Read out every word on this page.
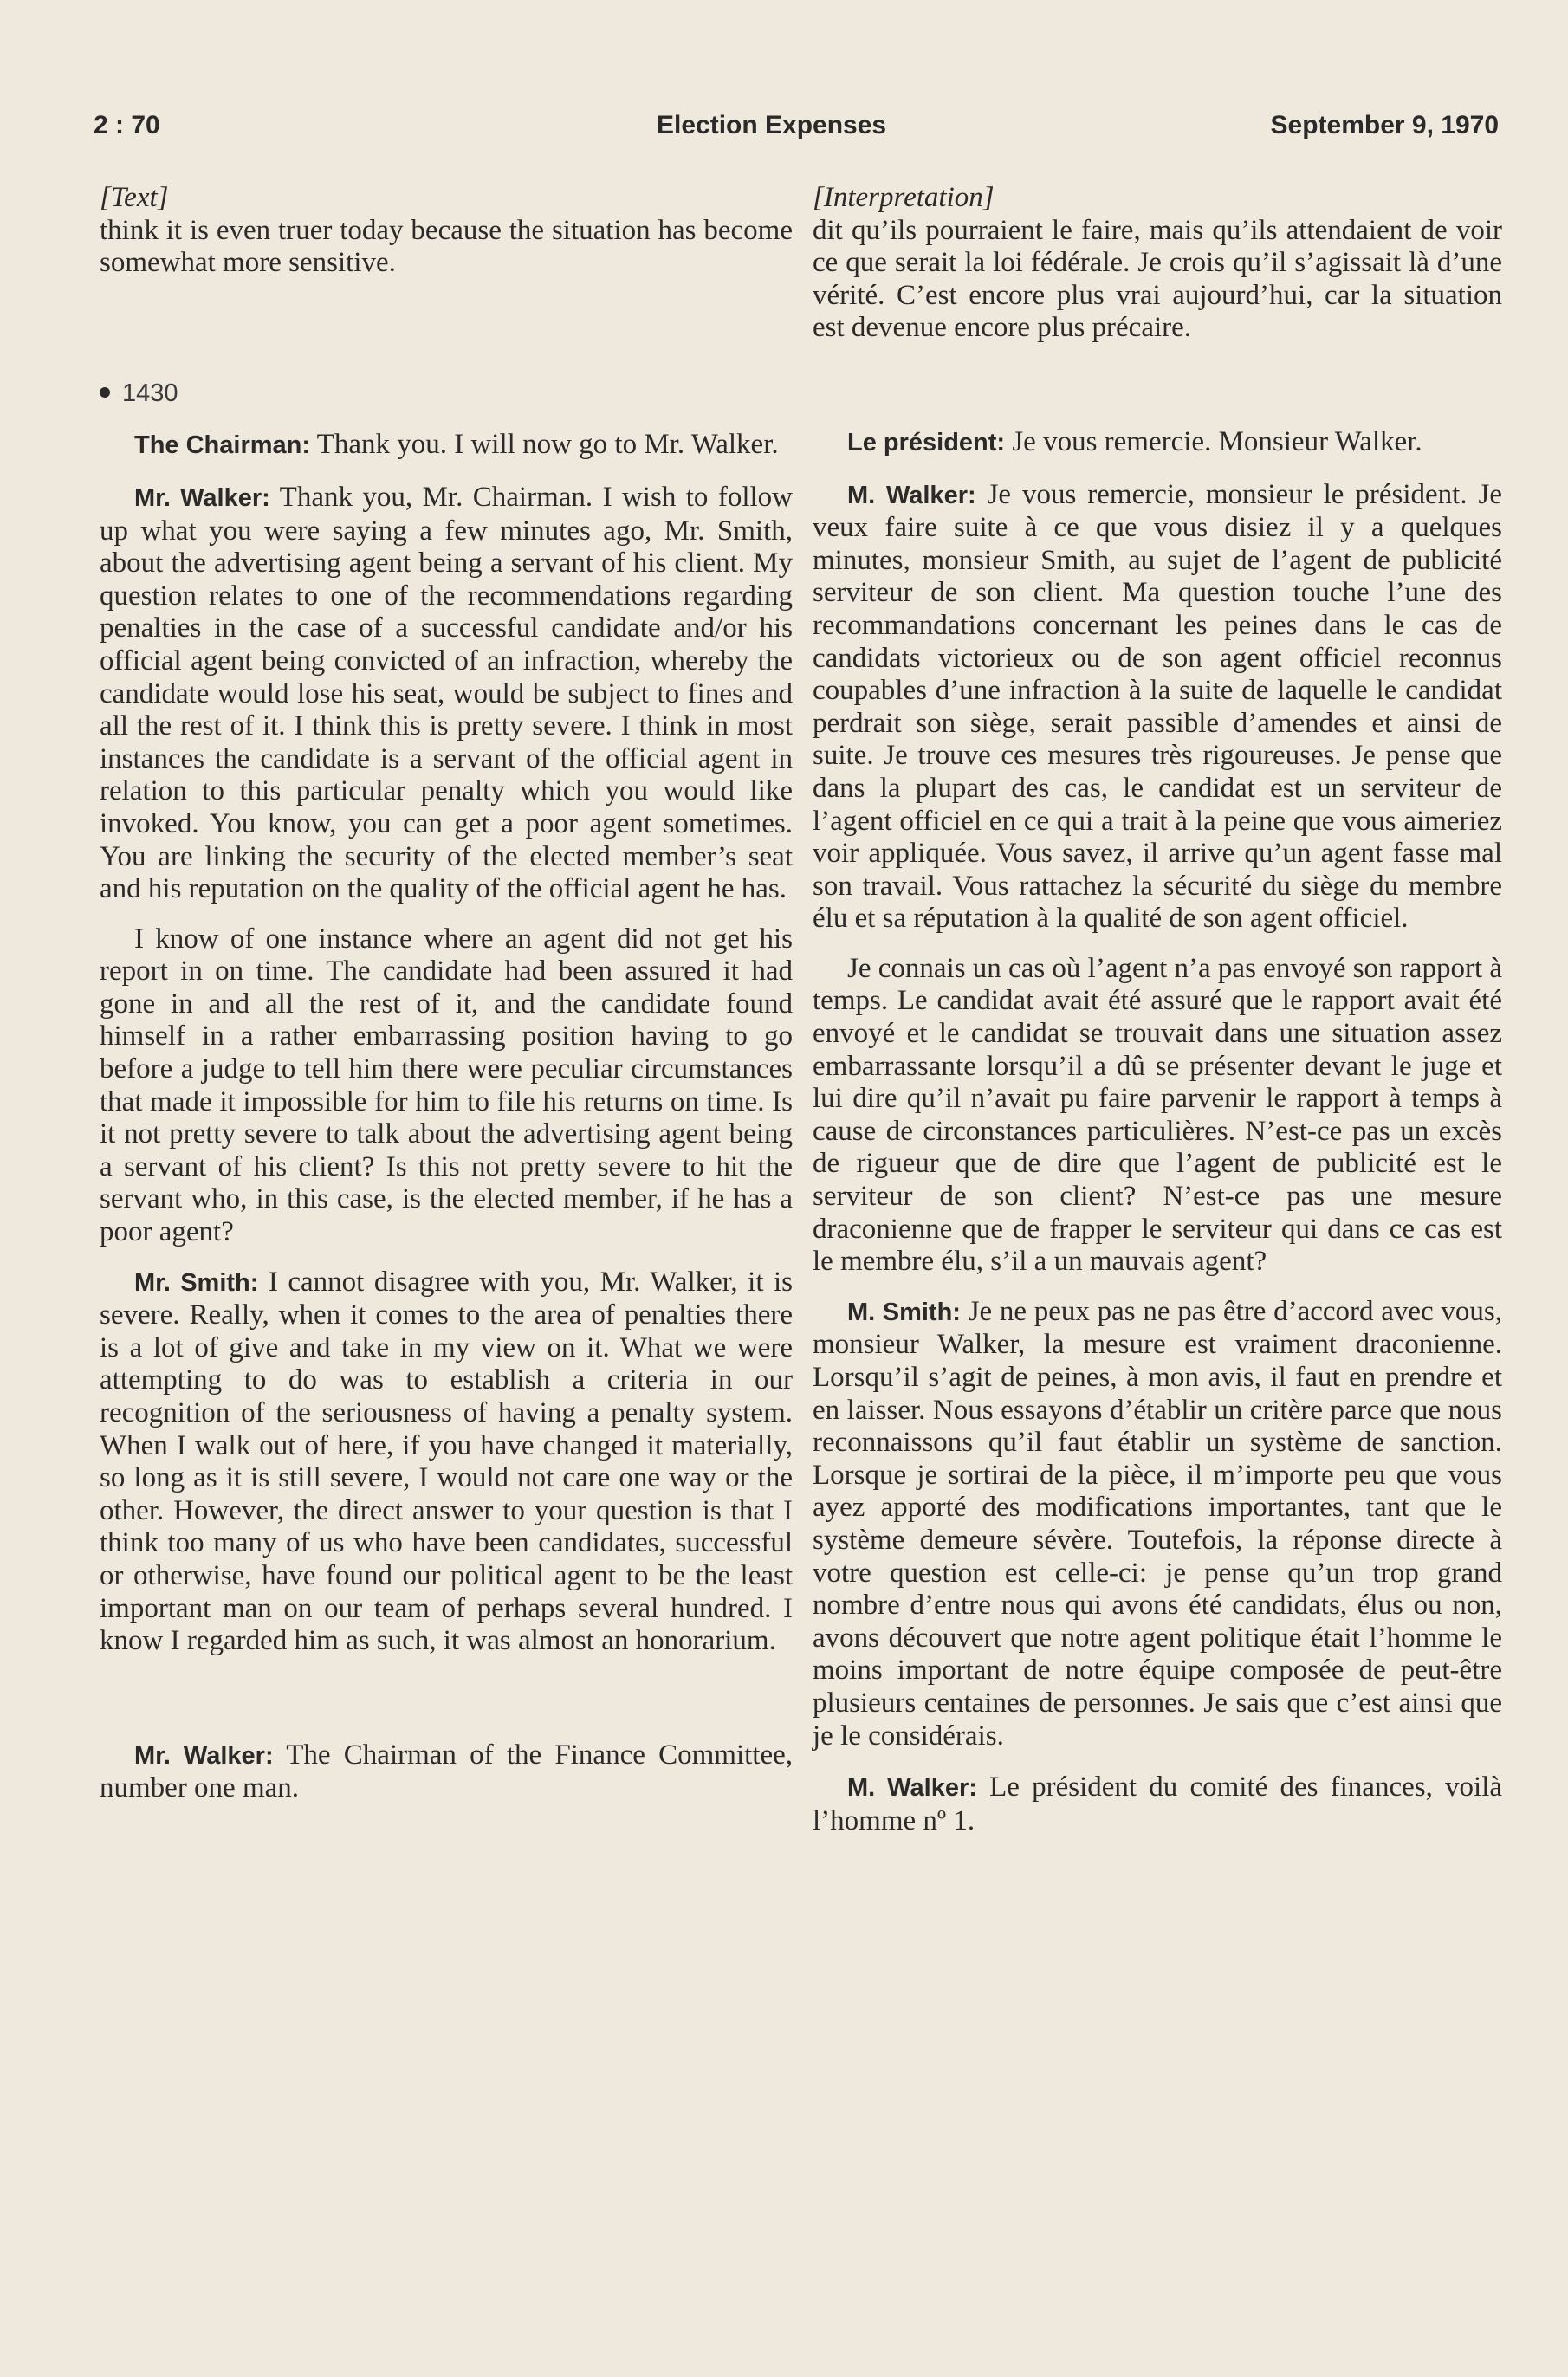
2 : 70	Election Expenses	September 9, 1970

[Text]

think it is even truer today because the situation has become somewhat more sensitive.

1430

The Chairman: Thank you. I will now go to Mr. Walker.

Mr. Walker: Thank you, Mr. Chairman. I wish to follow up what you were saying a few minutes ago, Mr. Smith, about the advertising agent being a servant of his client. My question relates to one of the recommendations regarding penalties in the case of a successful candidate and/or his official agent being convicted of an infraction, whereby the candidate would lose his seat, would be subject to fines and all the rest of it. I think this is pretty severe. I think in most instances the candidate is a servant of the official agent in relation to this particular penalty which you would like invoked. You know, you can get a poor agent sometimes. You are linking the security of the elected member’s seat and his reputation on the quality of the official agent he has.

I know of one instance where an agent did not get his report in on time. The candidate had been assured it had gone in and all the rest of it, and the candidate found himself in a rather embarrassing position having to go before a judge to tell him there were peculiar circumstances that made it impossible for him to file his returns on time. Is it not pretty severe to talk about the advertising agent being a servant of his client? Is this not pretty severe to hit the servant who, in this case, is the elected member, if he has a poor agent?

Mr. Smith: I cannot disagree with you, Mr. Walker, it is severe. Really, when it comes to the area of penalties there is a lot of give and take in my view on it. What we were attempting to do was to establish a criteria in our recognition of the seriousness of having a penalty system. When I walk out of here, if you have changed it materially, so long as it is still severe, I would not care one way or the other. However, the direct answer to your question is that I think too many of us who have been candidates, successful or otherwise, have found our political agent to be the least important man on our team of perhaps several hundred. I know I regarded him as such, it was almost an honorarium.

Mr. Walker: The Chairman of the Finance Committee, number one man.

[Interpretation]

dit qu’ils pourraient le faire, mais qu’ils attendaient de voir ce que serait la loi fédérale. Je crois qu’il s’agissait là d’une vérité. C’est encore plus vrai aujourd’hui, car la situation est devenue encore plus précaire.

Le président: Je vous remercie. Monsieur Walker.

M. Walker: Je vous remercie, monsieur le président. Je veux faire suite à ce que vous disiez il y a quelques minutes, monsieur Smith, au sujet de l’agent de publicité serviteur de son client. Ma question touche l’une des recommandations concernant les peines dans le cas de candidats victorieux ou de son agent officiel reconnus coupables d’une infraction à la suite de laquelle le candidat perdrait son siège, serait passible d’amendes et ainsi de suite. Je trouve ces mesures très rigoureuses. Je pense que dans la plupart des cas, le candidat est un serviteur de l’agent officiel en ce qui a trait à la peine que vous aimeriez voir appliquée. Vous savez, il arrive qu’un agent fasse mal son travail. Vous rattachez la sécurité du siège du membre élu et sa réputation à la qualité de son agent officiel.

Je connais un cas où l’agent n’a pas envoyé son rapport à temps. Le candidat avait été assuré que le rapport avait été envoyé et le candidat se trouvait dans une situation assez embarrassante lorsqu’il a dû se présenter devant le juge et lui dire qu’il n’avait pu faire parvenir le rapport à temps à cause de circonstances particulières. N’est-ce pas un excès de rigueur que de dire que l’agent de publicité est le serviteur de son client? N’est-ce pas une mesure draconienne que de frapper le serviteur qui dans ce cas est le membre élu, s’il a un mauvais agent?

M. Smith: Je ne peux pas ne pas être d’accord avec vous, monsieur Walker, la mesure est vraiment draconienne. Lorsqu’il s’agit de peines, à mon avis, il faut en prendre et en laisser. Nous essayons d’établir un critère parce que nous reconnaissons qu’il faut établir un système de sanction. Lorsque je sortirai de la pièce, il m’importe peu que vous ayez apporté des modifications importantes, tant que le système demeure sévère. Toutefois, la réponse directe à votre question est celle-ci: je pense qu’un trop grand nombre d’entre nous qui avons été candidats, élus ou non, avons découvert que notre agent politique était l’homme le moins important de notre équipe composée de peut-être plusieurs centaines de personnes. Je sais que c’est ainsi que je le considérais.

M. Walker: Le président du comité des finances, voilà l’homme nº 1.
